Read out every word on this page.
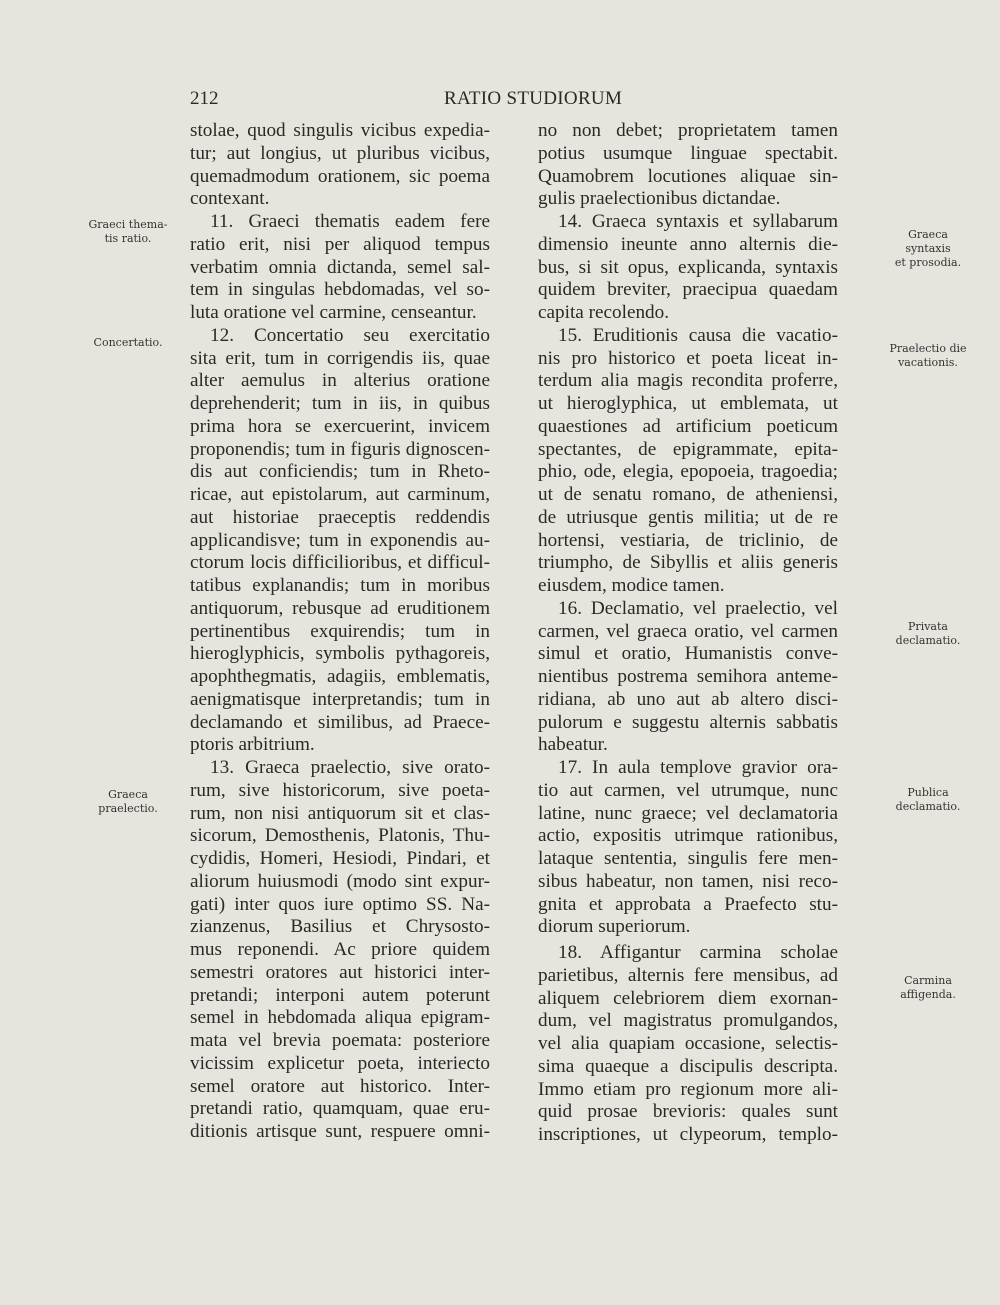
212	RATIO STUDIORUM
stolae, quod singulis vicibus expedia-
tur; aut longius, ut pluribus vicibus,
quemadmodum orationem, sic poema
contexant.
11. Graeci thematis eadem fere
ratio erit, nisi per aliquod tempus
verbatim omnia dictanda, semel sal-
tem in singulas hebdomadas, vel so-
luta oratione vel carmine, censeantur.
12. Concertatio seu exercitatio
sita erit, tum in corrigendis iis, quae
alter aemulus in alterius oratione
deprehenderit; tum in iis, in quibus
prima hora se exercuerint, invicem
proponendis; tum in figuris dignoscen-
dis aut conficiendis; tum in Rheto-
ricae, aut epistolarum, aut carminum,
aut historiae praeceptis reddendis
applicandisve; tum in exponendis au-
ctorum locis difficilioribus, et difficul-
tatibus explanandis; tum in moribus
antiquorum, rebusque ad eruditionem
pertinentibus exquirendis; tum in
hieroglyphicis, symbolis pythagoreis,
apophthegmatis, adagiis, emblematis,
aenigmatisque interpretandis; tum in
declamando et similibus, ad Praece-
ptoris arbitrium.
13. Graeca praelectio, sive orato-
rum, sive historicorum, sive poeta-
rum, non nisi antiquorum sit et clas-
sicorum, Demosthenis, Platonis, Thu-
cydidis, Homeri, Hesiodi, Pindari, et
aliorum huiusmodi (modo sint expur-
gati) inter quos iure optimo SS. Na-
zianzenus, Basilius et Chrysosto-
mus reponendi. Ac priore quidem
semestri oratores aut historici inter-
pretandi; interponi autem poterunt
semel in hebdomada aliqua epigram-
mata vel brevia poemata: posteriore
vicissim explicetur poeta, interiecto
semel oratore aut historico. Inter-
pretandi ratio, quamquam, quae eru-
ditionis artisque sunt, respuere omni-
no non debet; proprietatem tamen
potius usumque linguae spectabit.
Quamobrem locutiones aliquae sin-
gulis praelectionibus dictandae.
14. Graeca syntaxis et syllabarum
dimensio ineunte anno alternis die-
bus, si sit opus, explicanda, syntaxis
quidem breviter, praecipua quaedam
capita recolendo.
15. Eruditionis causa die vacatio-
nis pro historico et poeta liceat in-
terdum alia magis recondita proferre,
ut hieroglyphica, ut emblemata, ut
quaestiones ad artificium poeticum
spectantes, de epigrammate, epita-
phio, ode, elegia, epopoeia, tragoedia;
ut de senatu romano, de atheniensi,
de utriusque gentis militia; ut de re
hortensi, vestiaria, de triclinio, de
triumpho, de Sibyllis et aliis generis
eiusdem, modice tamen.
16. Declamatio, vel praelectio, vel
carmen, vel graeca oratio, vel carmen
simul et oratio, Humanistis conve-
nientibus postrema semihora anteme-
ridiana, ab uno aut ab altero disci-
pulorum e suggestu alternis sabbatis
habeatur.
17. In aula templove gravior ora-
tio aut carmen, vel utrumque, nunc
latine, nunc graece; vel declamatoria
actio, expositis utrimque rationibus,
lataque sententia, singulis fere men-
sibus habeatur, non tamen, nisi reco-
gnita et approbata a Praefecto stu-
diorum superiorum.
18. Affigantur carmina scholae
parietibus, alternis fere mensibus, ad
aliquem celebriorem diem exornan-
dum, vel magistratus promulgandos,
vel alia quapiam occasione, selectis-
sima quaeque a discipulis descripta.
Immo etiam pro regionum more ali-
quid prosae brevioris: quales sunt
inscriptiones, ut clypeorum, templo-
Graeci thema-
tis ratio.
Concertatio.
Graeca
praelectio.
Graeca
syntaxis
et prosodia.
Praelectio die
vacationis.
Privata
declamatio.
Publica
declamatio.
Carmina
affigenda.
